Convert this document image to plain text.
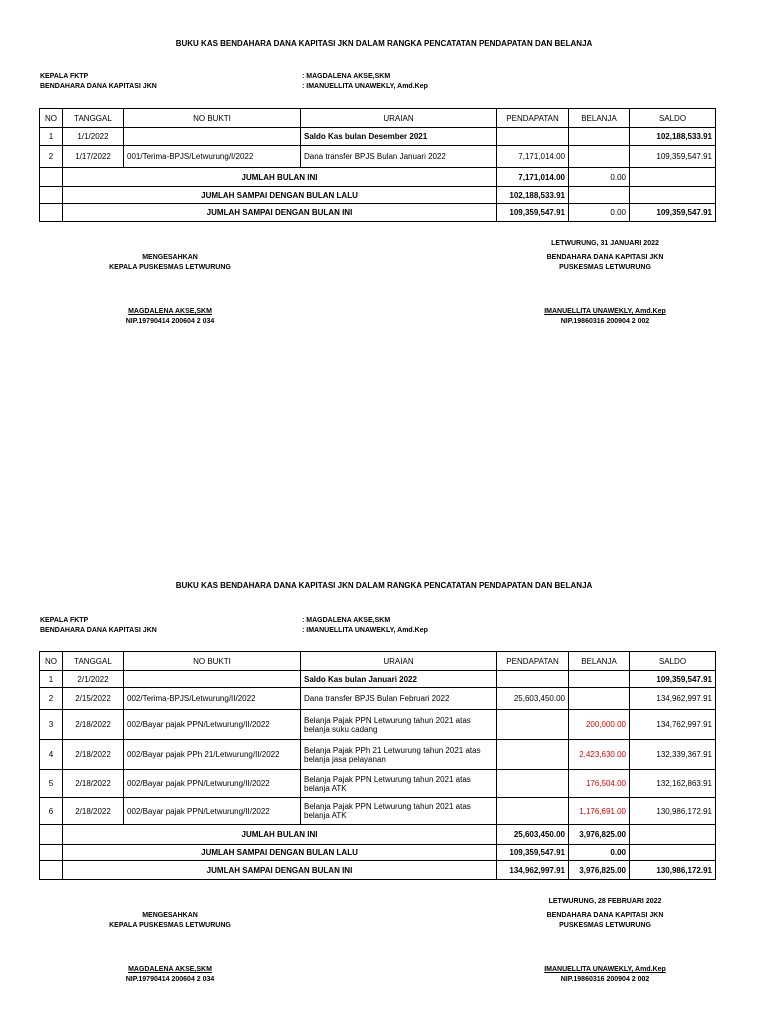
BUKU KAS BENDAHARA DANA KAPITASI JKN DALAM RANGKA PENCATATAN PENDAPATAN DAN BELANJA
KEPALA FKTP
BENDAHARA DANA KAPITASI JKN
: MAGDALENA AKSE,SKM
: IMANUELLITA UNAWEKLY, Amd.Kep
NO	TANGGAL	NO BUKTI	URAIAN	PENDAPATAN	BELANJA	SALDO
1	1/1/2022		Saldo Kas bulan Desember 2021			102,188,533.91
2	1/17/2022	001/Terima-BPJS/Letwurung/I/2022	Dana transfer BPJS Bulan Januari 2022	7,171,014.00		109,359,547.91
	JUMLAH BULAN INI			7,171,014.00	0.00	
	JUMLAH SAMPAI DENGAN BULAN LALU			102,188,533.91		
	JUMLAH SAMPAI DENGAN BULAN INI			109,359,547.91	0.00	109,359,547.91
LETWURUNG, 31 JANUARI 2022
MENGESAHKAN
KEPALA PUSKESMAS LETWURUNG
BENDAHARA DANA KAPITASI JKN
PUSKESMAS LETWURUNG
MAGDALENA AKSE,SKM
NIP.19790414 200604 2 034
IMANUELLITA UNAWEKLY, Amd.Kep
NIP.19860316 200904 2 002
BUKU KAS BENDAHARA DANA KAPITASI JKN DALAM RANGKA PENCATATAN PENDAPATAN DAN BELANJA
KEPALA FKTP
BENDAHARA DANA KAPITASI JKN
: MAGDALENA AKSE,SKM
: IMANUELLITA UNAWEKLY, Amd.Kep
NO	TANGGAL	NO BUKTI	URAIAN	PENDAPATAN	BELANJA	SALDO
1	2/1/2022		Saldo Kas bulan Januari 2022			109,359,547.91
2	2/15/2022	002/Terima-BPJS/Letwurung/II/2022	Dana transfer BPJS Bulan Februari 2022	25,603,450.00		134,962,997.91
3	2/18/2022	002/Bayar pajak PPN/Letwurung/II/2022	Belanja Pajak PPN Letwurung tahun 2021 atas belanja suku cadang		200,000.00	134,762,997.91
4	2/18/2022	002/Bayar pajak PPh 21/Letwurung/II/2022	Belanja Pajak PPh 21 Letwurung tahun 2021 atas belanja jasa pelayanan		2,423,630.00	132,339,367.91
5	2/18/2022	002/Bayar pajak PPN/Letwurung/II/2022	Belanja Pajak PPN Letwurung tahun 2021 atas belanja ATK		176,504.00	132,162,863.91
6	2/18/2022	002/Bayar pajak PPN/Letwurung/II/2022	Belanja Pajak PPN Letwurung tahun 2021 atas belanja ATK		1,176,691.00	130,986,172.91
	JUMLAH BULAN INI			25,603,450.00	3,976,825.00	
	JUMLAH SAMPAI DENGAN BULAN LALU			109,359,547.91	0.00	
	JUMLAH SAMPAI DENGAN BULAN INI			134,962,997.91	3,976,825.00	130,986,172.91
LETWURUNG, 28 FEBRUARI 2022
MENGESAHKAN
KEPALA PUSKESMAS LETWURUNG
BENDAHARA DANA KAPITASI JKN
PUSKESMAS LETWURUNG
MAGDALENA AKSE,SKM
NIP.19790414 200604 2 034
IMANUELLITA UNAWEKLY, Amd.Kep
NIP.19860316 200904 2 002
